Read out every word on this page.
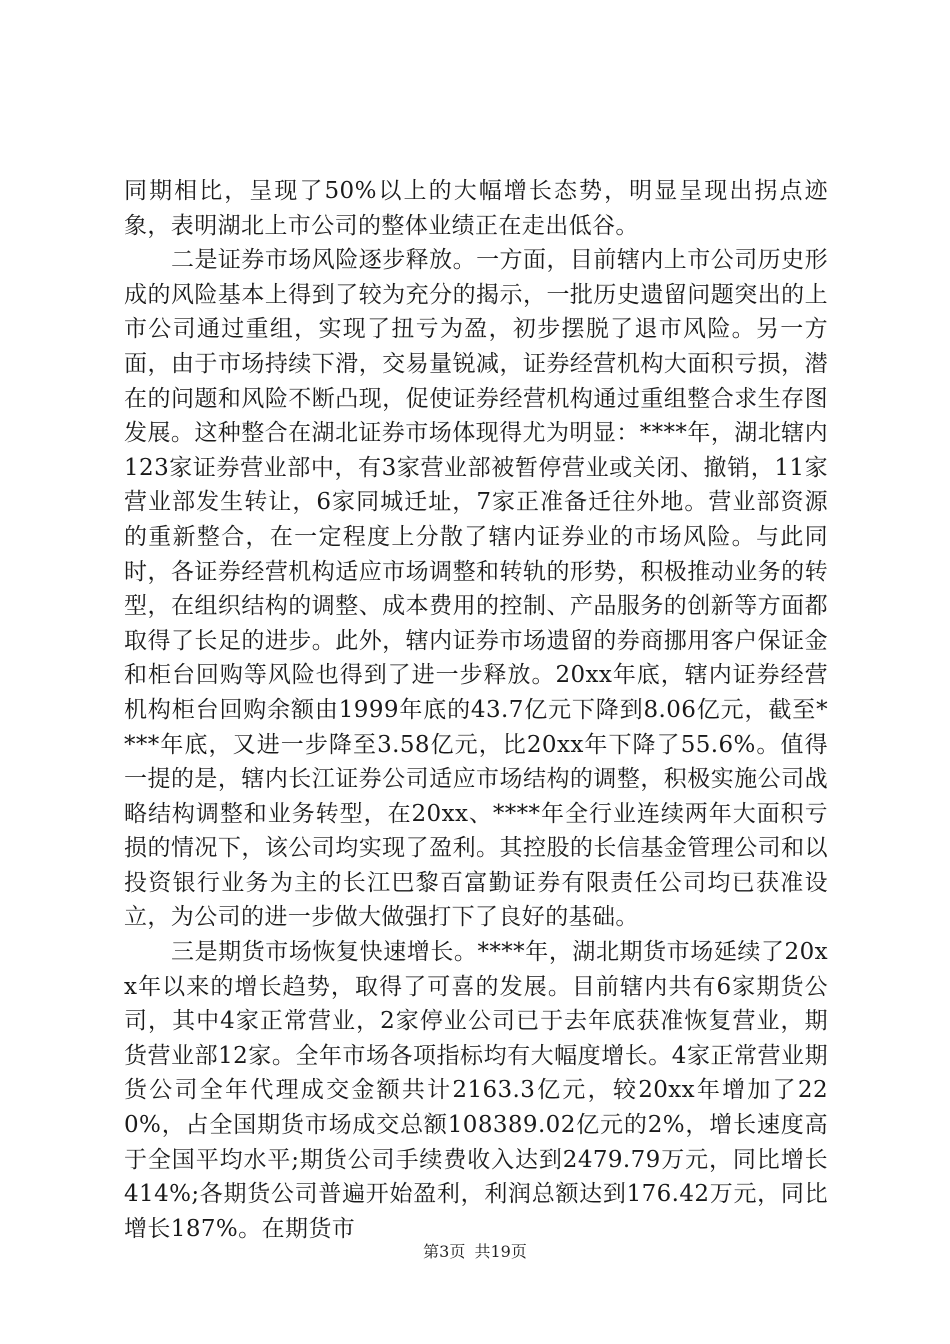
同期相比，呈现了50%以上的大幅增长态势，明显呈现出拐点迹象，表明湖北上市公司的整体业绩正在走出低谷。

二是证券市场风险逐步释放。一方面，目前辖内上市公司历史形成的风险基本上得到了较为充分的揭示，一批历史遗留问题突出的上市公司通过重组，实现了扭亏为盈，初步摆脱了退市风险。另一方面，由于市场持续下滑，交易量锐减，证券经营机构大面积亏损，潜在的问题和风险不断凸现，促使证券经营机构通过重组整合求生存图发展。这种整合在湖北证券市场体现得尤为明显：****年，湖北辖内123家证券营业部中，有3家营业部被暂停营业或关闭、撤销，11家营业部发生转让，6家同城迁址，7家正准备迁往外地。营业部资源的重新整合，在一定程度上分散了辖内证券业的市场风险。与此同时，各证券经营机构适应市场调整和转轨的形势，积极推动业务的转型，在组织结构的调整、成本费用的控制、产品服务的创新等方面都取得了长足的进步。此外，辖内证券市场遗留的券商挪用客户保证金和柜台回购等风险也得到了进一步释放。20xx年底，辖内证券经营机构柜台回购余额由1999年底的43.7亿元下降到8.06亿元，截至****年底，又进一步降至3.58亿元，比20xx年下降了55.6%。值得一提的是，辖内长江证券公司适应市场结构的调整，积极实施公司战略结构调整和业务转型，在20xx、****年全行业连续两年大面积亏损的情况下，该公司均实现了盈利。其控股的长信基金管理公司和以投资银行业务为主的长江巴黎百富勤证券有限责任公司均已获准设立，为公司的进一步做大做强打下了良好的基础。

三是期货市场恢复快速增长。****年，湖北期货市场延续了20xx年以来的增长趋势，取得了可喜的发展。目前辖内共有6家期货公司，其中4家正常营业，2家停业公司已于去年底获准恢复营业，期货营业部12家。全年市场各项指标均有大幅度增长。4家正常营业期货公司全年代理成交金额共计2163.3亿元，较20xx年增加了220%，占全国期货市场成交总额108389.02亿元的2%，增长速度高于全国平均水平;期货公司手续费收入达到2479.79万元，同比增长414%;各期货公司普遍开始盈利，利润总额达到176.42万元，同比增长187%。在期货市

第3页 共19页
